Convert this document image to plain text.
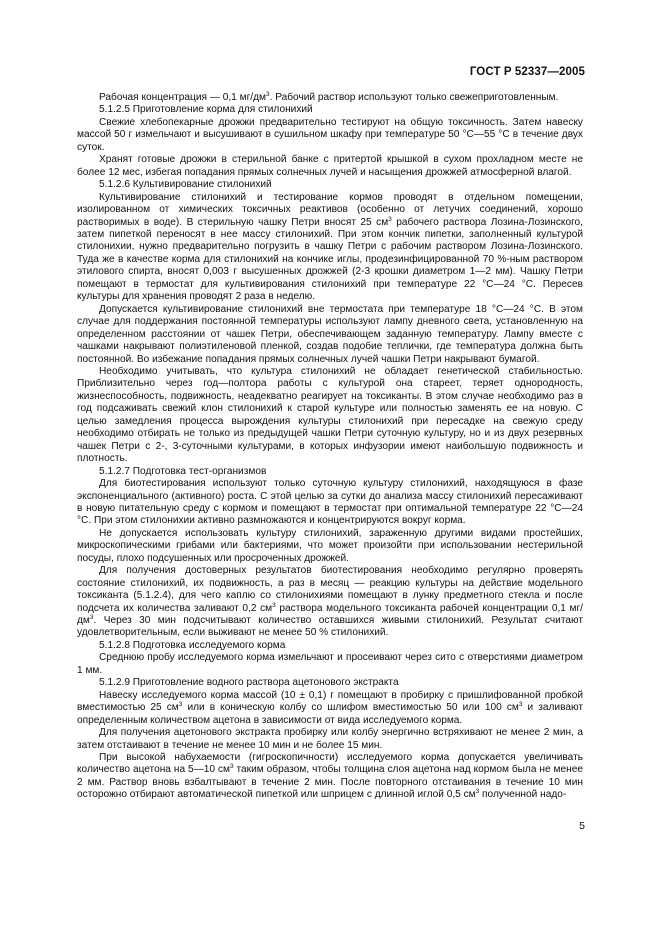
ГОСТ Р 52337—2005

Рабочая концентрация — 0,1 $мг/дм^3$. Рабочий раствор используют только свежеприготовленным.

5.1.2.5 Приготовление корма для стилонихий

Свежие хлебопекарные дрожжи предварительно тестируют на общую токсичность. Затем навеску массой 50 г измельчают и высушивают в сушильном шкафу при температуре 50 °С—55 °С в течение двух суток.

Хранят готовые дрожжи в стерильной банке с притертой крышкой в сухом прохладном месте не более 12 мес, избегая попадания прямых солнечных лучей и насыщения дрожжей атмосферной влагой.

5.1.2.6 Культивирование стилонихий

Культивирование стилонихий и тестирование кормов проводят в отдельном помещении, изолированном от химических токсичных реактивов (особенно от летучих соединений, хорошо растворимых в воде). В стерильную чашку Петри вносят 25 $см^3$ рабочего раствора Лозина-Лозинского, затем пипеткой переносят в нее массу стилонихий. При этом кончик пипетки, заполненный культурой стилонихии, нужно предварительно погрузить в чашку Петри с рабочим раствором Лозина-Лозинского. Туда же в качестве корма для стилонихий на кончике иглы, продезинфицированной 70 %-ным раствором этилового спирта, вносят 0,003 г высушенных дрожжей (2-3 крошки диаметром 1—2 мм). Чашку Петри помещают в термостат для культивирования стилонихий при температуре 22 °С—24 °С. Пересев культуры для хранения проводят 2 раза в неделю.

Допускается культивирование стилонихий вне термостата при температуре 18 °С—24 °С. В этом случае для поддержания постоянной температуры используют лампу дневного света, установленную на определенном расстоянии от чашек Петри, обеспечивающем заданную температуру. Лампу вместе с чашками накрывают полиэтиленовой пленкой, создав подобие теплички, где температура должна быть постоянной. Во избежание попадания прямых солнечных лучей чашки Петри накрывают бумагой.

Необходимо учитывать, что культура стилонихий не обладает генетической стабильностью. Приблизительно через год—полтора работы с культурой она стареет, теряет однородность, жизнеспособность, подвижность, неадекватно реагирует на токсиканты. В этом случае необходимо раз в год подсаживать свежий клон стилонихий к старой культуре или полностью заменять ее на новую. С целью замедления процесса вырождения культуры стилонихий при пересадке на свежую среду необходимо отбирать не только из предыдущей чашки Петри суточную культуру, но и из двух резервных чашек Петри с 2-, 3-суточными культурами, в которых инфузории имеют наибольшую подвижность и плотность.

5.1.2.7 Подготовка тест-организмов

Для биотестирования используют только суточную культуру стилонихий, находящуюся в фазе экспоненциального (активного) роста. С этой целью за сутки до анализа массу стилонихий пересаживают в новую питательную среду с кормом и помещают в термостат при оптимальной температуре 22 °С—24 °С. При этом стилонихии активно размножаются и концентрируются вокруг корма.

Не допускается использовать культуру стилонихий, зараженную другими видами простейших, микроскопическими грибами или бактериями, что может произойти при использовании нестерильной посуды, плохо подсушенных или просроченных дрожжей.

Для получения достоверных результатов биотестирования необходимо регулярно проверять состояние стилонихий, их подвижность, а раз в месяц — реакцию культуры на действие модельного токсиканта (5.1.2.4), для чего каплю со стилонихиями помещают в лунку предметного стекла и после подсчета их количества заливают 0,2 $см^3$ раствора модельного токсиканта рабочей концентрации 0,1 $мг/дм^3$. Через 30 мин подсчитывают количество оставшихся живыми стилонихий. Результат считают удовлетворительным, если выживают не менее 50 % стилонихий.

5.1.2.8 Подготовка исследуемого корма

Среднюю пробу исследуемого корма измельчают и просеивают через сито с отверстиями диаметром 1 мм.

5.1.2.9 Приготовление водного раствора ацетонового экстракта

Навеску исследуемого корма массой (10 ± 0,1) г помещают в пробирку с пришлифованной пробкой вместимостью 25 $см^3$ или в коническую колбу со шлифом вместимостью 50 или 100 $см^3$ и заливают определенным количеством ацетона в зависимости от вида исследуемого корма.

Для получения ацетонового экстракта пробирку или колбу энергично встряхивают не менее 2 мин, а затем отстаивают в течение не менее 10 мин и не более 15 мин.

При высокой набухаемости (гигроскопичности) исследуемого корма допускается увеличивать количество ацетона на 5—10 $см^3$ таким образом, чтобы толщина слоя ацетона над кормом была не менее 2 мм. Раствор вновь взбалтывают в течение 2 мин. После повторного отстаивания в течение 10 мин осторожно отбирают автоматической пипеткой или шприцем с длинной иглой 0,5 $см^3$ полученной надо-

5
